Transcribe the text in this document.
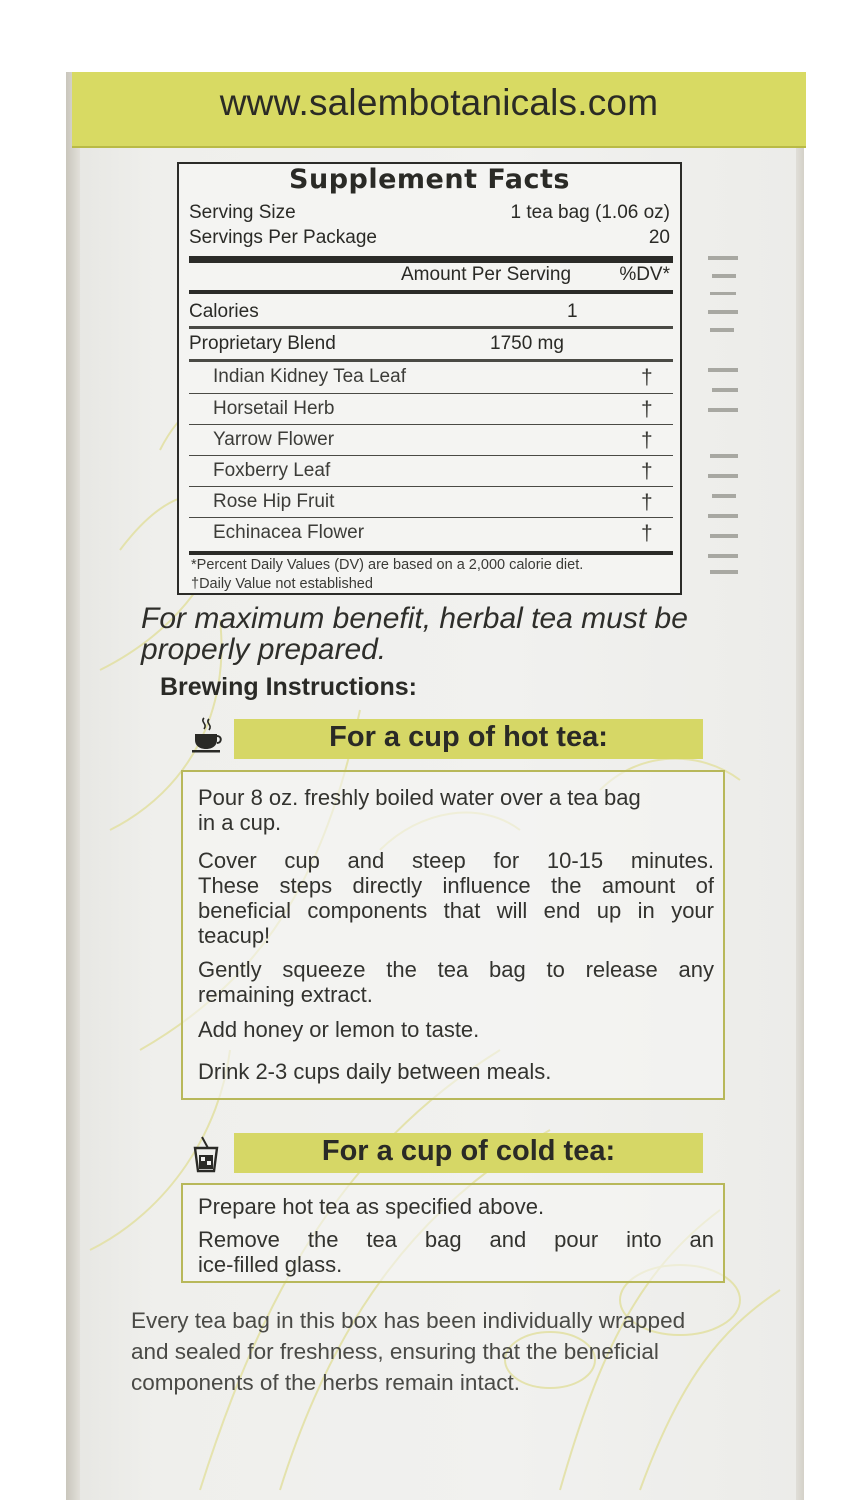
www.salembotanicals.com
Supplement Facts
Serving Size	1 tea bag (1.06 oz)
Servings Per Package	20
Amount Per Serving	%DV*
Calories	1
Proprietary Blend	1750 mg
Indian Kidney Tea Leaf	†
Horsetail Herb	†
Yarrow Flower	†
Foxberry Leaf	†
Rose Hip Fruit	†
Echinacea Flower	†
*Percent Daily Values (DV) are based on a 2,000 calorie diet.
†Daily Value not established
For maximum benefit, herbal tea must be properly prepared.
Brewing Instructions:
For a cup of hot tea:
Pour 8 oz. freshly boiled water over a tea bag
in a cup.
Cover cup and steep for 10-15 minutes.
These steps directly influence the amount of
beneficial components that will end up in your
teacup!
Gently squeeze the tea bag to release any
remaining extract.
Add honey or lemon to taste.
Drink 2-3 cups daily between meals.
For a cup of cold tea:
Prepare hot tea as specified above.
Remove the tea bag and pour into an
ice-filled glass.
Every tea bag in this box has been individually wrapped
and sealed for freshness, ensuring that the beneficial
components of the herbs remain intact.
